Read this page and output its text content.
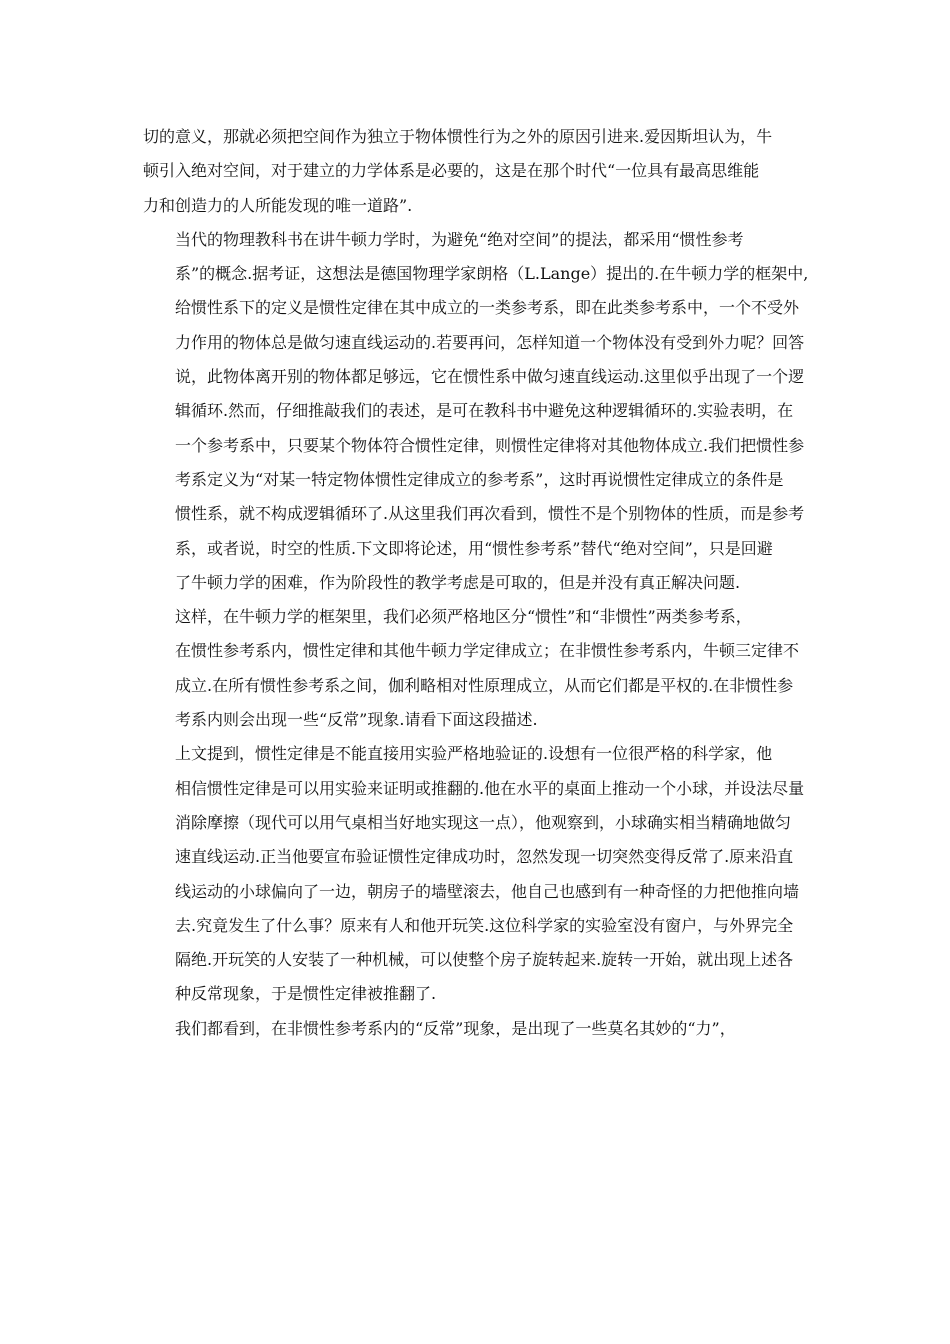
切的意义，那就必须把空间作为独立于物体惯性行为之外的原因引进来.爱因斯坦认为，牛
顿引入绝对空间，对于建立的力学体系是必要的，这是在那个时代“一位具有最高思维能
力和创造力的人所能发现的唯一道路”.

当代的物理教科书在讲牛顿力学时，为避免“绝对空间”的提法，都采用“惯性参考
系”的概念.据考证，这想法是德国物理学家朗格（L.Lange）提出的.在牛顿力学的框架中,
给惯性系下的定义是惯性定律在其中成立的一类参考系，即在此类参考系中，一个不受外
力作用的物体总是做匀速直线运动的.若要再问，怎样知道一个物体没有受到外力呢？回答
说，此物体离开别的物体都足够远，它在惯性系中做匀速直线运动.这里似乎出现了一个逻
辑循环.然而，仔细推敲我们的表述，是可在教科书中避免这种逻辑循环的.实验表明，在
一个参考系中，只要某个物体符合惯性定律，则惯性定律将对其他物体成立.我们把惯性参
考系定义为“对某一特定物体惯性定律成立的参考系”，这时再说惯性定律成立的条件是
惯性系，就不构成逻辑循环了.从这里我们再次看到，惯性不是个别物体的性质，而是参考
系，或者说，时空的性质.下文即将论述，用“惯性参考系”替代“绝对空间”，只是回避
了牛顿力学的困难，作为阶段性的教学考虑是可取的，但是并没有真正解决问题.

这样，在牛顿力学的框架里，我们必须严格地区分“惯性”和“非惯性”两类参考系，
在惯性参考系内，惯性定律和其他牛顿力学定律成立；在非惯性参考系内，牛顿三定律不
成立.在所有惯性参考系之间，伽利略相对性原理成立，从而它们都是平权的.在非惯性参
考系内则会出现一些“反常”现象.请看下面这段描述.

上文提到，惯性定律是不能直接用实验严格地验证的.设想有一位很严格的科学家，他
相信惯性定律是可以用实验来证明或推翻的.他在水平的桌面上推动一个小球，并设法尽量
消除摩擦（现代可以用气桌相当好地实现这一点），他观察到，小球确实相当精确地做匀
速直线运动.正当他要宣布验证惯性定律成功时，忽然发现一切突然变得反常了.原来沿直
线运动的小球偏向了一边，朝房子的墙壁滚去，他自己也感到有一种奇怪的力把他推向墙
去.究竟发生了什么事？原来有人和他开玩笑.这位科学家的实验室没有窗户，与外界完全
隔绝.开玩笑的人安装了一种机械，可以使整个房子旋转起来.旋转一开始，就出现上述各
种反常现象，于是惯性定律被推翻了.

我们都看到，在非惯性参考系内的“反常”现象，是出现了一些莫名其妙的“力”，
